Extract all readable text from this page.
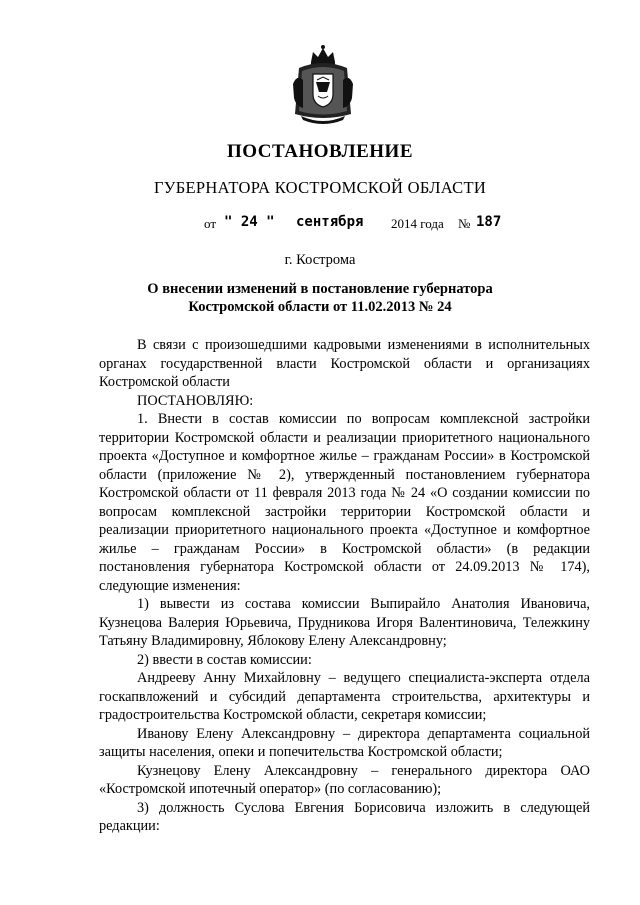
ПОСТАНОВЛЕНИЕ
ГУБЕРНАТОРА КОСТРОМСКОЙ ОБЛАСТИ
от " 24 " сентября 2014 года № 187
г. Кострома
О внесении изменений в постановление губернатора
Костромской области от 11.02.2013 № 24

В связи с произошедшими кадровыми изменениями в исполнительных органах государственной власти Костромской области и организациях Костромской области

ПОСТАНОВЛЯЮ:

1. Внести в состав комиссии по вопросам комплексной застройки территории Костромской области и реализации приоритетного национального проекта «Доступное и комфортное жилье – гражданам России» в Костромской области (приложение № 2), утвержденный постановлением губернатора Костромской области от 11 февраля 2013 года № 24 «О создании комиссии по вопросам комплексной застройки территории Костромской области и реализации приоритетного национального проекта «Доступное и комфортное жилье – гражданам России» в Костромской области» (в редакции постановления губернатора Костромской области от 24.09.2013 № 174), следующие изменения:

1) вывести из состава комиссии Выпирайло Анатолия Ивановича, Кузнецова Валерия Юрьевича, Прудникова Игоря Валентиновича, Тележкину Татьяну Владимировну, Яблокову Елену Александровну;

2) ввести в состав комиссии:

Андрееву Анну Михайловну – ведущего специалиста-эксперта отдела госкапвложений и субсидий департамента строительства, архитектуры и градостроительства Костромской области, секретаря комиссии;

Иванову Елену Александровну – директора департамента социальной защиты населения, опеки и попечительства Костромской области;

Кузнецову Елену Александровну – генерального директора ОАО «Костромской ипотечный оператор» (по согласованию);

3) должность Суслова Евгения Борисовича изложить в следующей редакции:
